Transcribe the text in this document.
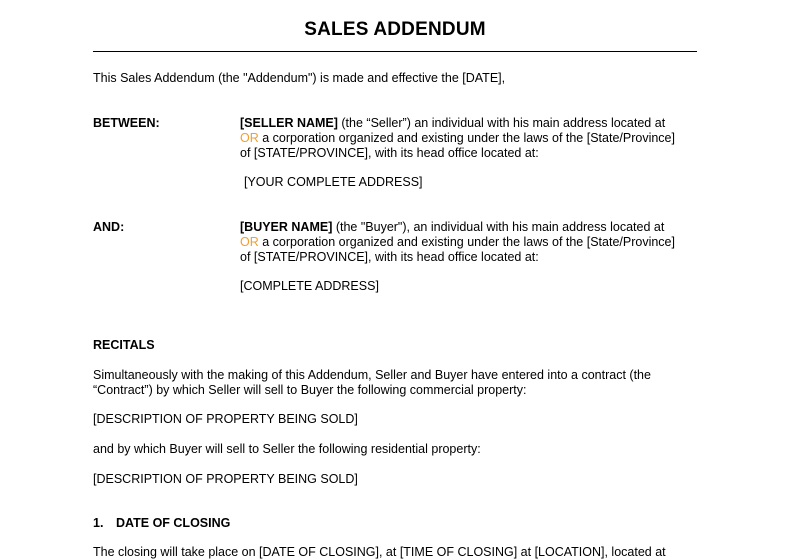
SALES ADDENDUM
This Sales Addendum (the "Addendum") is made and effective the [DATE],
BETWEEN:	[SELLER NAME] (the “Seller”) an individual with his main address located at
OR a corporation organized and existing under the laws of the [State/Province]
of [STATE/PROVINCE], with its head office located at:
[YOUR COMPLETE ADDRESS]
AND:	[BUYER NAME] (the "Buyer"), an individual with his main address located at
OR a corporation organized and existing under the laws of the [State/Province]
of [STATE/PROVINCE], with its head office located at:
[COMPLETE ADDRESS]
RECITALS
Simultaneously with the making of this Addendum, Seller and Buyer have entered into a contract (the
“Contract”) by which Seller will sell to Buyer the following commercial property:
[DESCRIPTION OF PROPERTY BEING SOLD]
and by which Buyer will sell to Seller the following residential property:
[DESCRIPTION OF PROPERTY BEING SOLD]
1. DATE OF CLOSING
The closing will take place on [DATE OF CLOSING], at [TIME OF CLOSING] at [LOCATION], located at
